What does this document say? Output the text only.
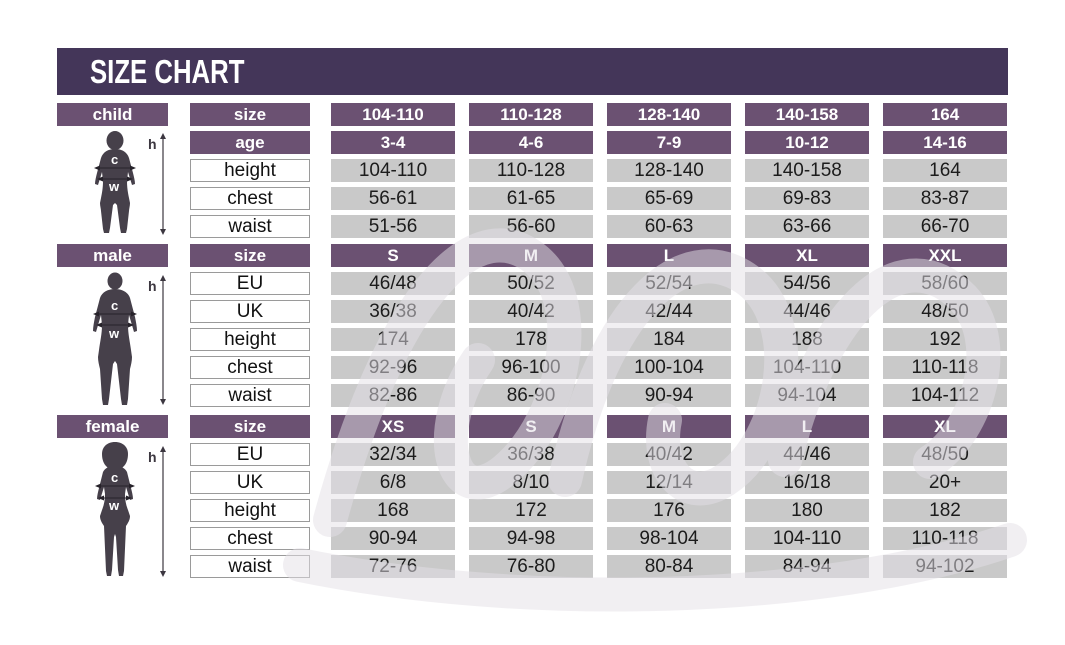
SIZE CHART
child
h
c
w
size	104-110	110-128	128-140	140-158	164
age	3-4	4-6	7-9	10-12	14-16
height	104-110	110-128	128-140	140-158	164
chest	56-61	61-65	65-69	69-83	83-87
waist	51-56	56-60	60-63	63-66	66-70
male
h
c
w
size	S	M	L	XL	XXL
EU	46/48	50/52	52/54	54/56	58/60
UK	36/38	40/42	42/44	44/46	48/50
height	174	178	184	188	192
chest	92-96	96-100	100-104	104-110	110-118
waist	82-86	86-90	90-94	94-104	104-112
female
h
c
w
size	XS	S	M	L	XL
EU	32/34	36/38	40/42	44/46	48/50
UK	6/8	8/10	12/14	16/18	20+
height	168	172	176	180	182
chest	90-94	94-98	98-104	104-110	110-118
waist	72-76	76-80	80-84	84-94	94-102
